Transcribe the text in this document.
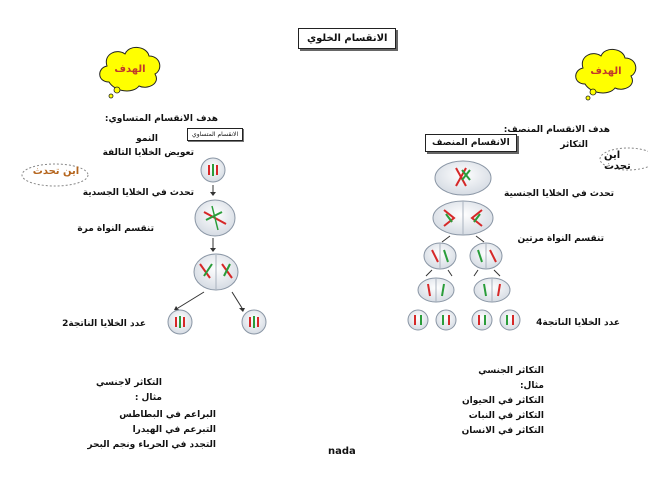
الانقسام الخلوي
الهدف	الهدف
هدف الانقسام المتساوي:
النمو
تعويض الخلايا التالفة
اين تحدث
تحدث في الخلايا الجسدية
تنقسم النواة مرة
عدد الخلايا الناتجة2
الانقسام المتساوي
التكاثر لاجنسي
مثال :
البراعم في البطاطس
التبرعم في الهيدرا
التجدد في الحرباء ونجم البحر
الانقسام المنصف
هدف الانقسام المنصف:
التكاثر
اين تحدث
تحدث في الخلايا الجنسية
تنقسم النواة مرتين
عدد الخلايا الناتجة4
التكاثر الجنسي
مثال:
التكاثر في الحيوان
التكاثر في النبات
التكاثر في الانسان
nada
